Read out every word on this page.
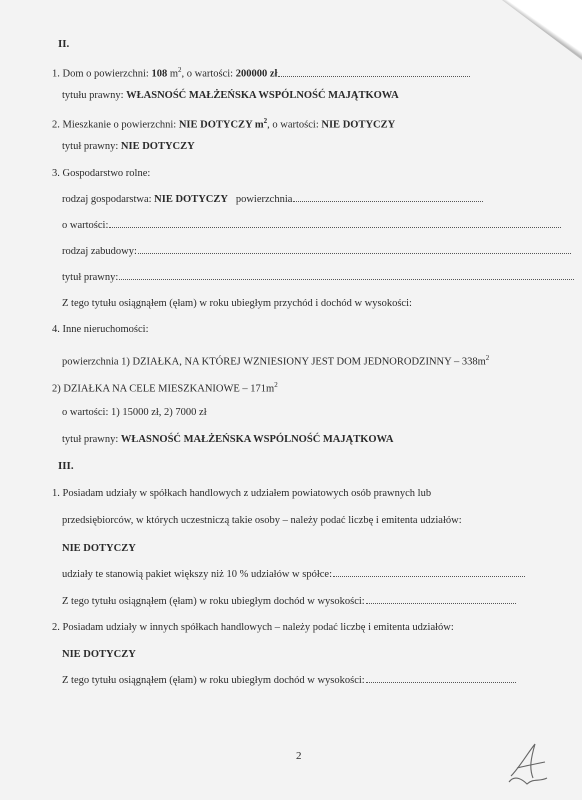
II.
1. Dom o powierzchni: 108 $m^2$, o wartości: 200000 zł
tytułu prawny: WŁASNOŚĆ MAŁŻEŃSKA WSPÓLNOŚĆ MAJĄTKOWA
2. Mieszkanie o powierzchni: NIE DOTYCZY $m^2$, o wartości: NIE DOTYCZY
tytuł prawny: NIE DOTYCZY
3. Gospodarstwo rolne:
rodzaj gospodarstwa: NIE DOTYCZY powierzchnia
o wartości:
rodzaj zabudowy:
tytuł prawny:
Z tego tytułu osiągnąłem (ęłam) w roku ubiegłym przychód i dochód w wysokości:
4. Inne nieruchomości:
powierzchnia 1) DZIAŁKA, NA KTÓREJ WZNIESIONY JEST DOM JEDNORODZINNY – $338m^2$
2) DZIAŁKA NA CELE MIESZKANIOWE – $171m^2$
o wartości: 1) 15000 zł, 2) 7000 zł
tytuł prawny: WŁASNOŚĆ MAŁŻEŃSKA WSPÓLNOŚĆ MAJĄTKOWA
III.
1. Posiadam udziały w spółkach handlowych z udziałem powiatowych osób prawnych lub
przedsiębiorców, w których uczestniczą takie osoby – należy podać liczbę i emitenta udziałów:
NIE DOTYCZY
udziały te stanowią pakiet większy niż 10 % udziałów w spółce:
Z tego tytułu osiągnąłem (ęłam) w roku ubiegłym dochód w wysokości:
2. Posiadam udziały w innych spółkach handlowych – należy podać liczbę i emitenta udziałów:
NIE DOTYCZY
Z tego tytułu osiągnąłem (ęłam) w roku ubiegłym dochód w wysokości:
2
